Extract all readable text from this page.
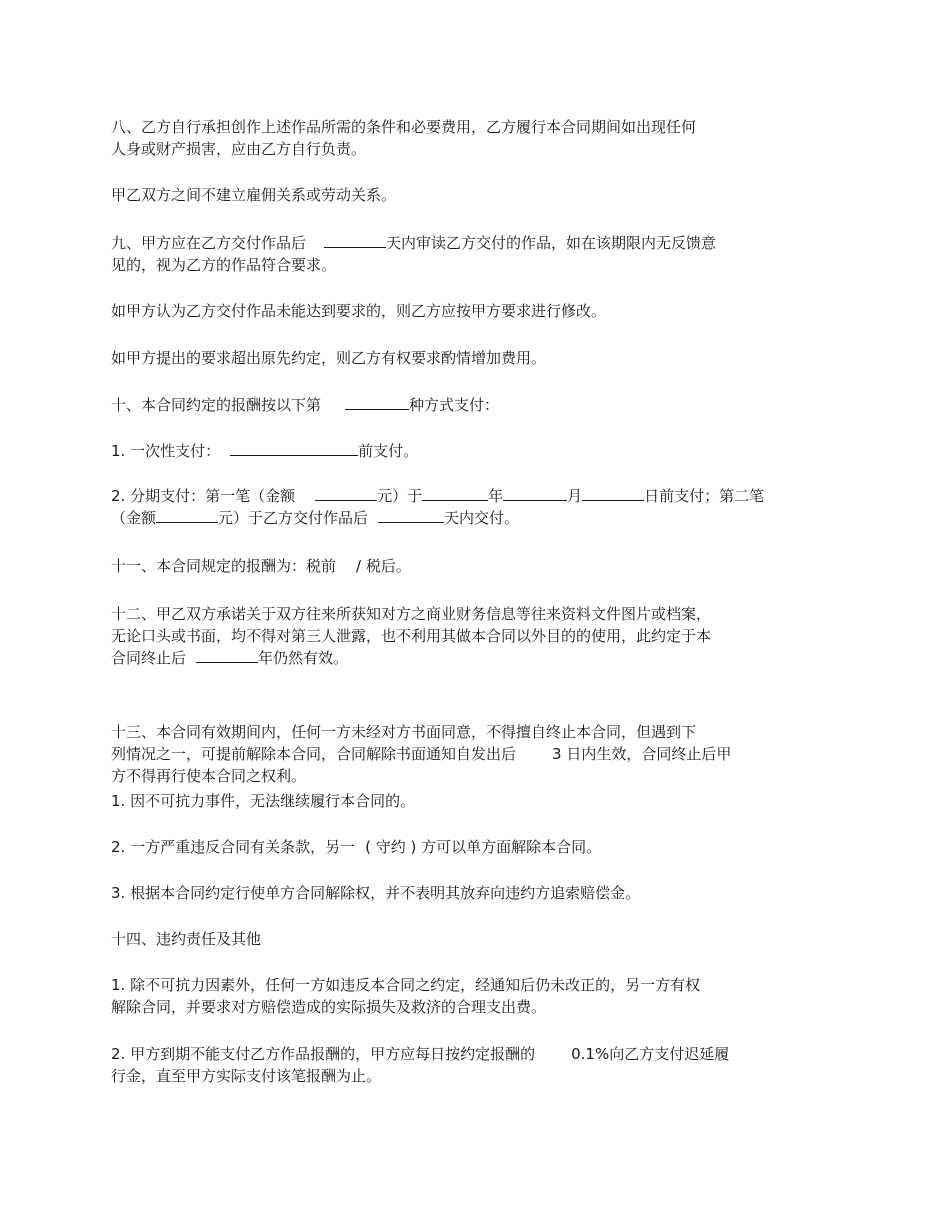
八、乙方自行承担创作上述作品所需的条件和必要费用，乙方履行本合同期间如出现任何
人身或财产损害，应由乙方自行负责。
甲乙双方之间不建立雇佣关系或劳动关系。
九、甲方应在乙方交付作品后	天内审读乙方交付的作品，如在该期限内无反馈意
见的，视为乙方的作品符合要求。
如甲方认为乙方交付作品未能达到要求的，则乙方应按甲方要求进行修改。
如甲方提出的要求超出原先约定，则乙方有权要求酌情增加费用。
十、本合同约定的报酬按以下第	种方式支付：
1. 一次性支付：	前支付。
2. 分期支付：第一笔（金额	元）于	年	月	日前支付；第二笔
（金额	元）于乙方交付作品后	天内交付。
十一、本合同规定的报酬为：税前 / 税后。
十二、甲乙双方承诺关于双方往来所获知对方之商业财务信息等往来资料文件图片或档案，
无论口头或书面，均不得对第三人泄露，也不利用其做本合同以外目的的使用，此约定于本
合同终止后	年仍然有效。
十三、本合同有效期间内，任何一方未经对方书面同意，不得擅自终止本合同，但遇到下
列情况之一，可提前解除本合同，合同解除书面通知自发出后 3 日内生效，合同终止后甲
方不得再行使本合同之权利。
1. 因不可抗力事件，无法继续履行本合同的。
2. 一方严重违反合同有关条款，另一 ( 守约 ) 方可以单方面解除本合同。
3. 根据本合同约定行使单方合同解除权，并不表明其放弃向违约方追索赔偿金。
十四、违约责任及其他
1. 除不可抗力因素外，任何一方如违反本合同之约定，经通知后仍未改正的，另一方有权
解除合同，并要求对方赔偿造成的实际损失及救济的合理支出费。
2. 甲方到期不能支付乙方作品报酬的，甲方应每日按约定报酬的 0.1%向乙方支付迟延履
行金，直至甲方实际支付该笔报酬为止。
